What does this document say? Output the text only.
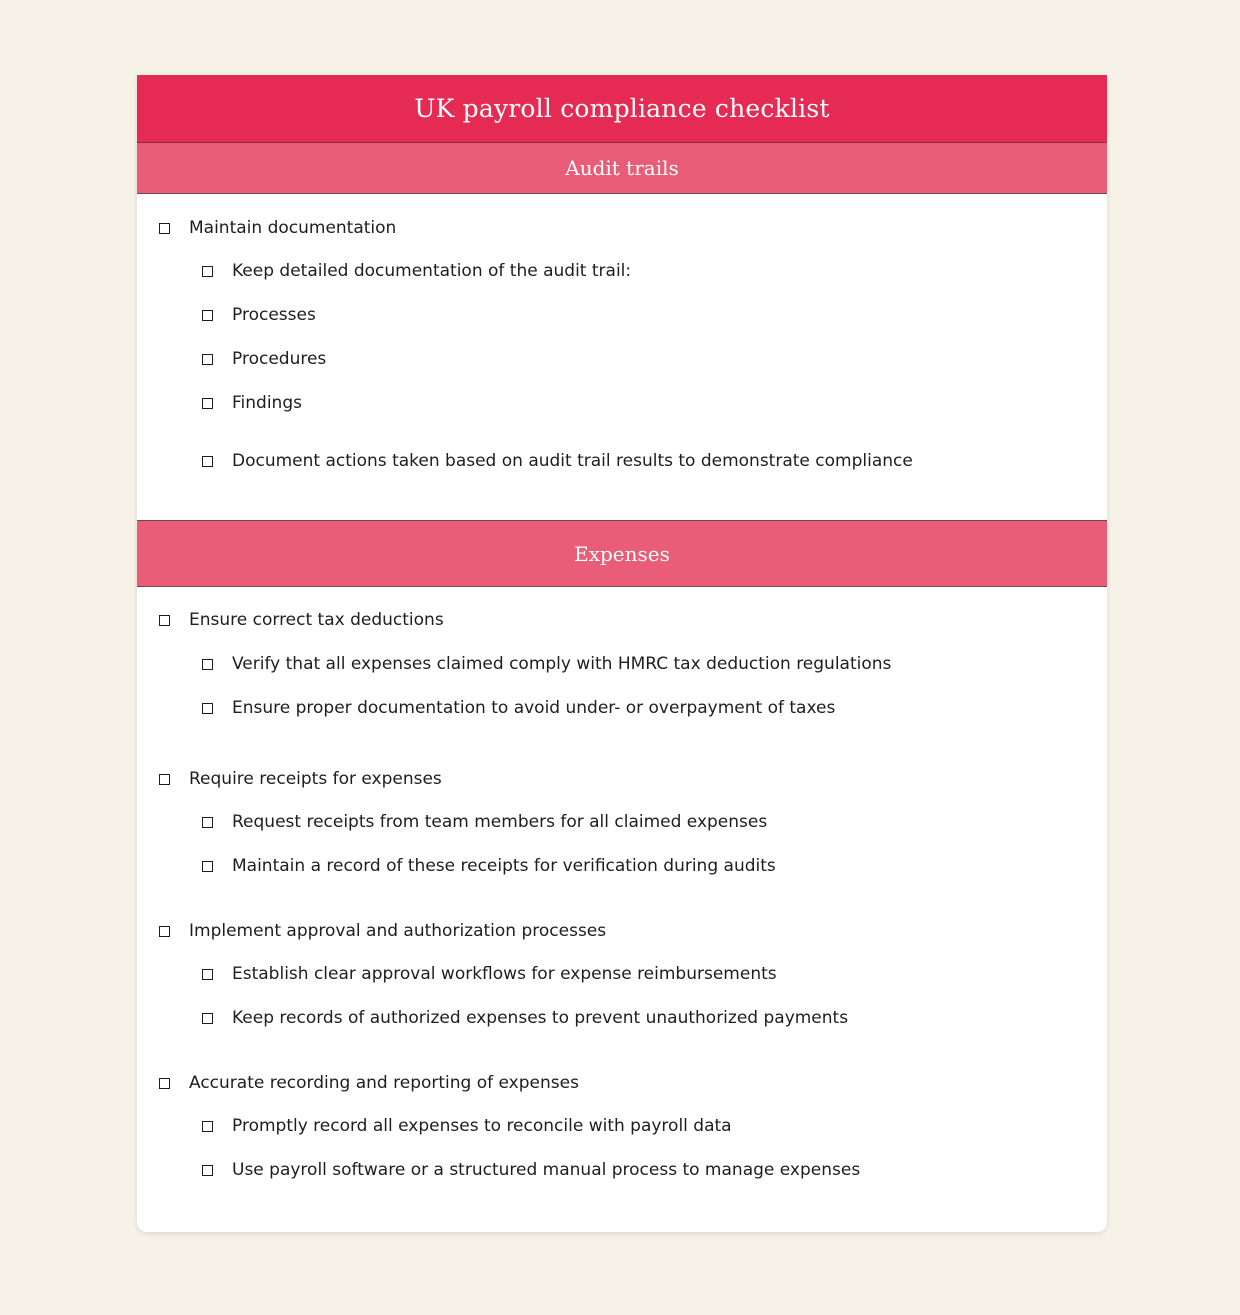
UK payroll compliance checklist
Audit trails
Maintain documentation
Keep detailed documentation of the audit trail:
Processes
Procedures
Findings
Document actions taken based on audit trail results to demonstrate compliance
Expenses
Ensure correct tax deductions
Verify that all expenses claimed comply with HMRC tax deduction regulations
Ensure proper documentation to avoid under- or overpayment of taxes
Require receipts for expenses
Request receipts from team members for all claimed expenses
Maintain a record of these receipts for verification during audits
Implement approval and authorization processes
Establish clear approval workflows for expense reimbursements
Keep records of authorized expenses to prevent unauthorized payments
Accurate recording and reporting of expenses
Promptly record all expenses to reconcile with payroll data
Use payroll software or a structured manual process to manage expenses
